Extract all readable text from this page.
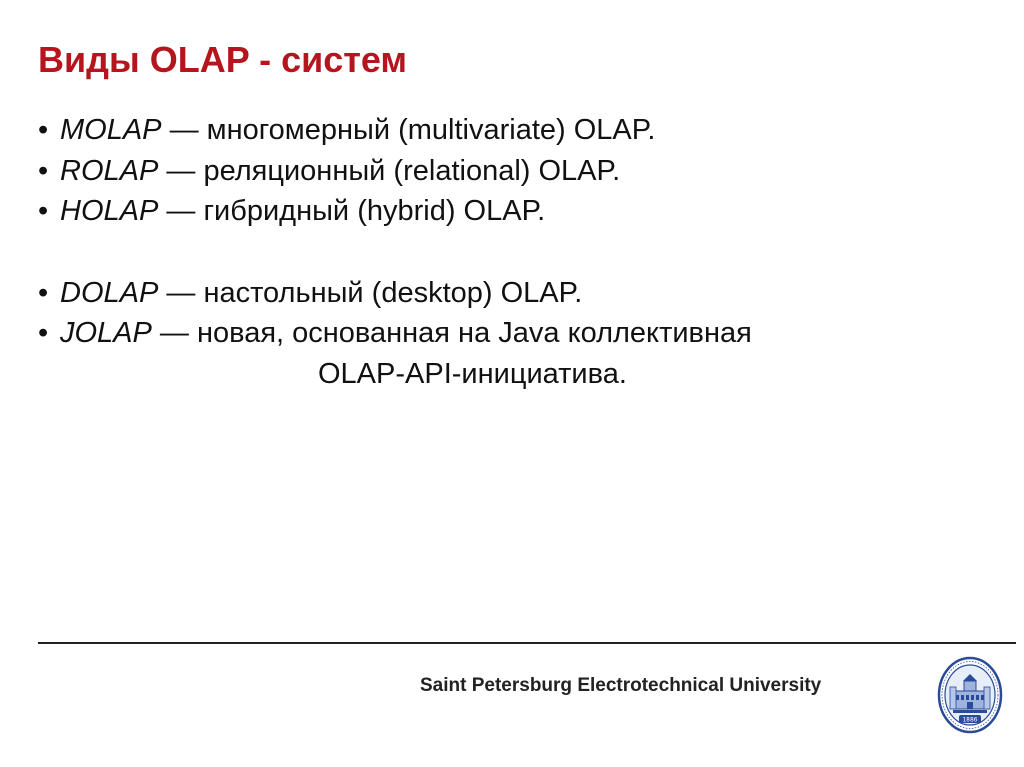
Виды OLAP - систем
• MOLAP — многомерный (multivariate) OLAP.
• ROLAP — реляционный (relational) OLAP.
• HOLAP — гибридный (hybrid) OLAP.
• DOLAP — настольный (desktop) OLAP.
• JOLAP — новая, основанная на Java коллективная
OLAP-API-инициатива.
Saint Petersburg Electrotechnical University
1886
